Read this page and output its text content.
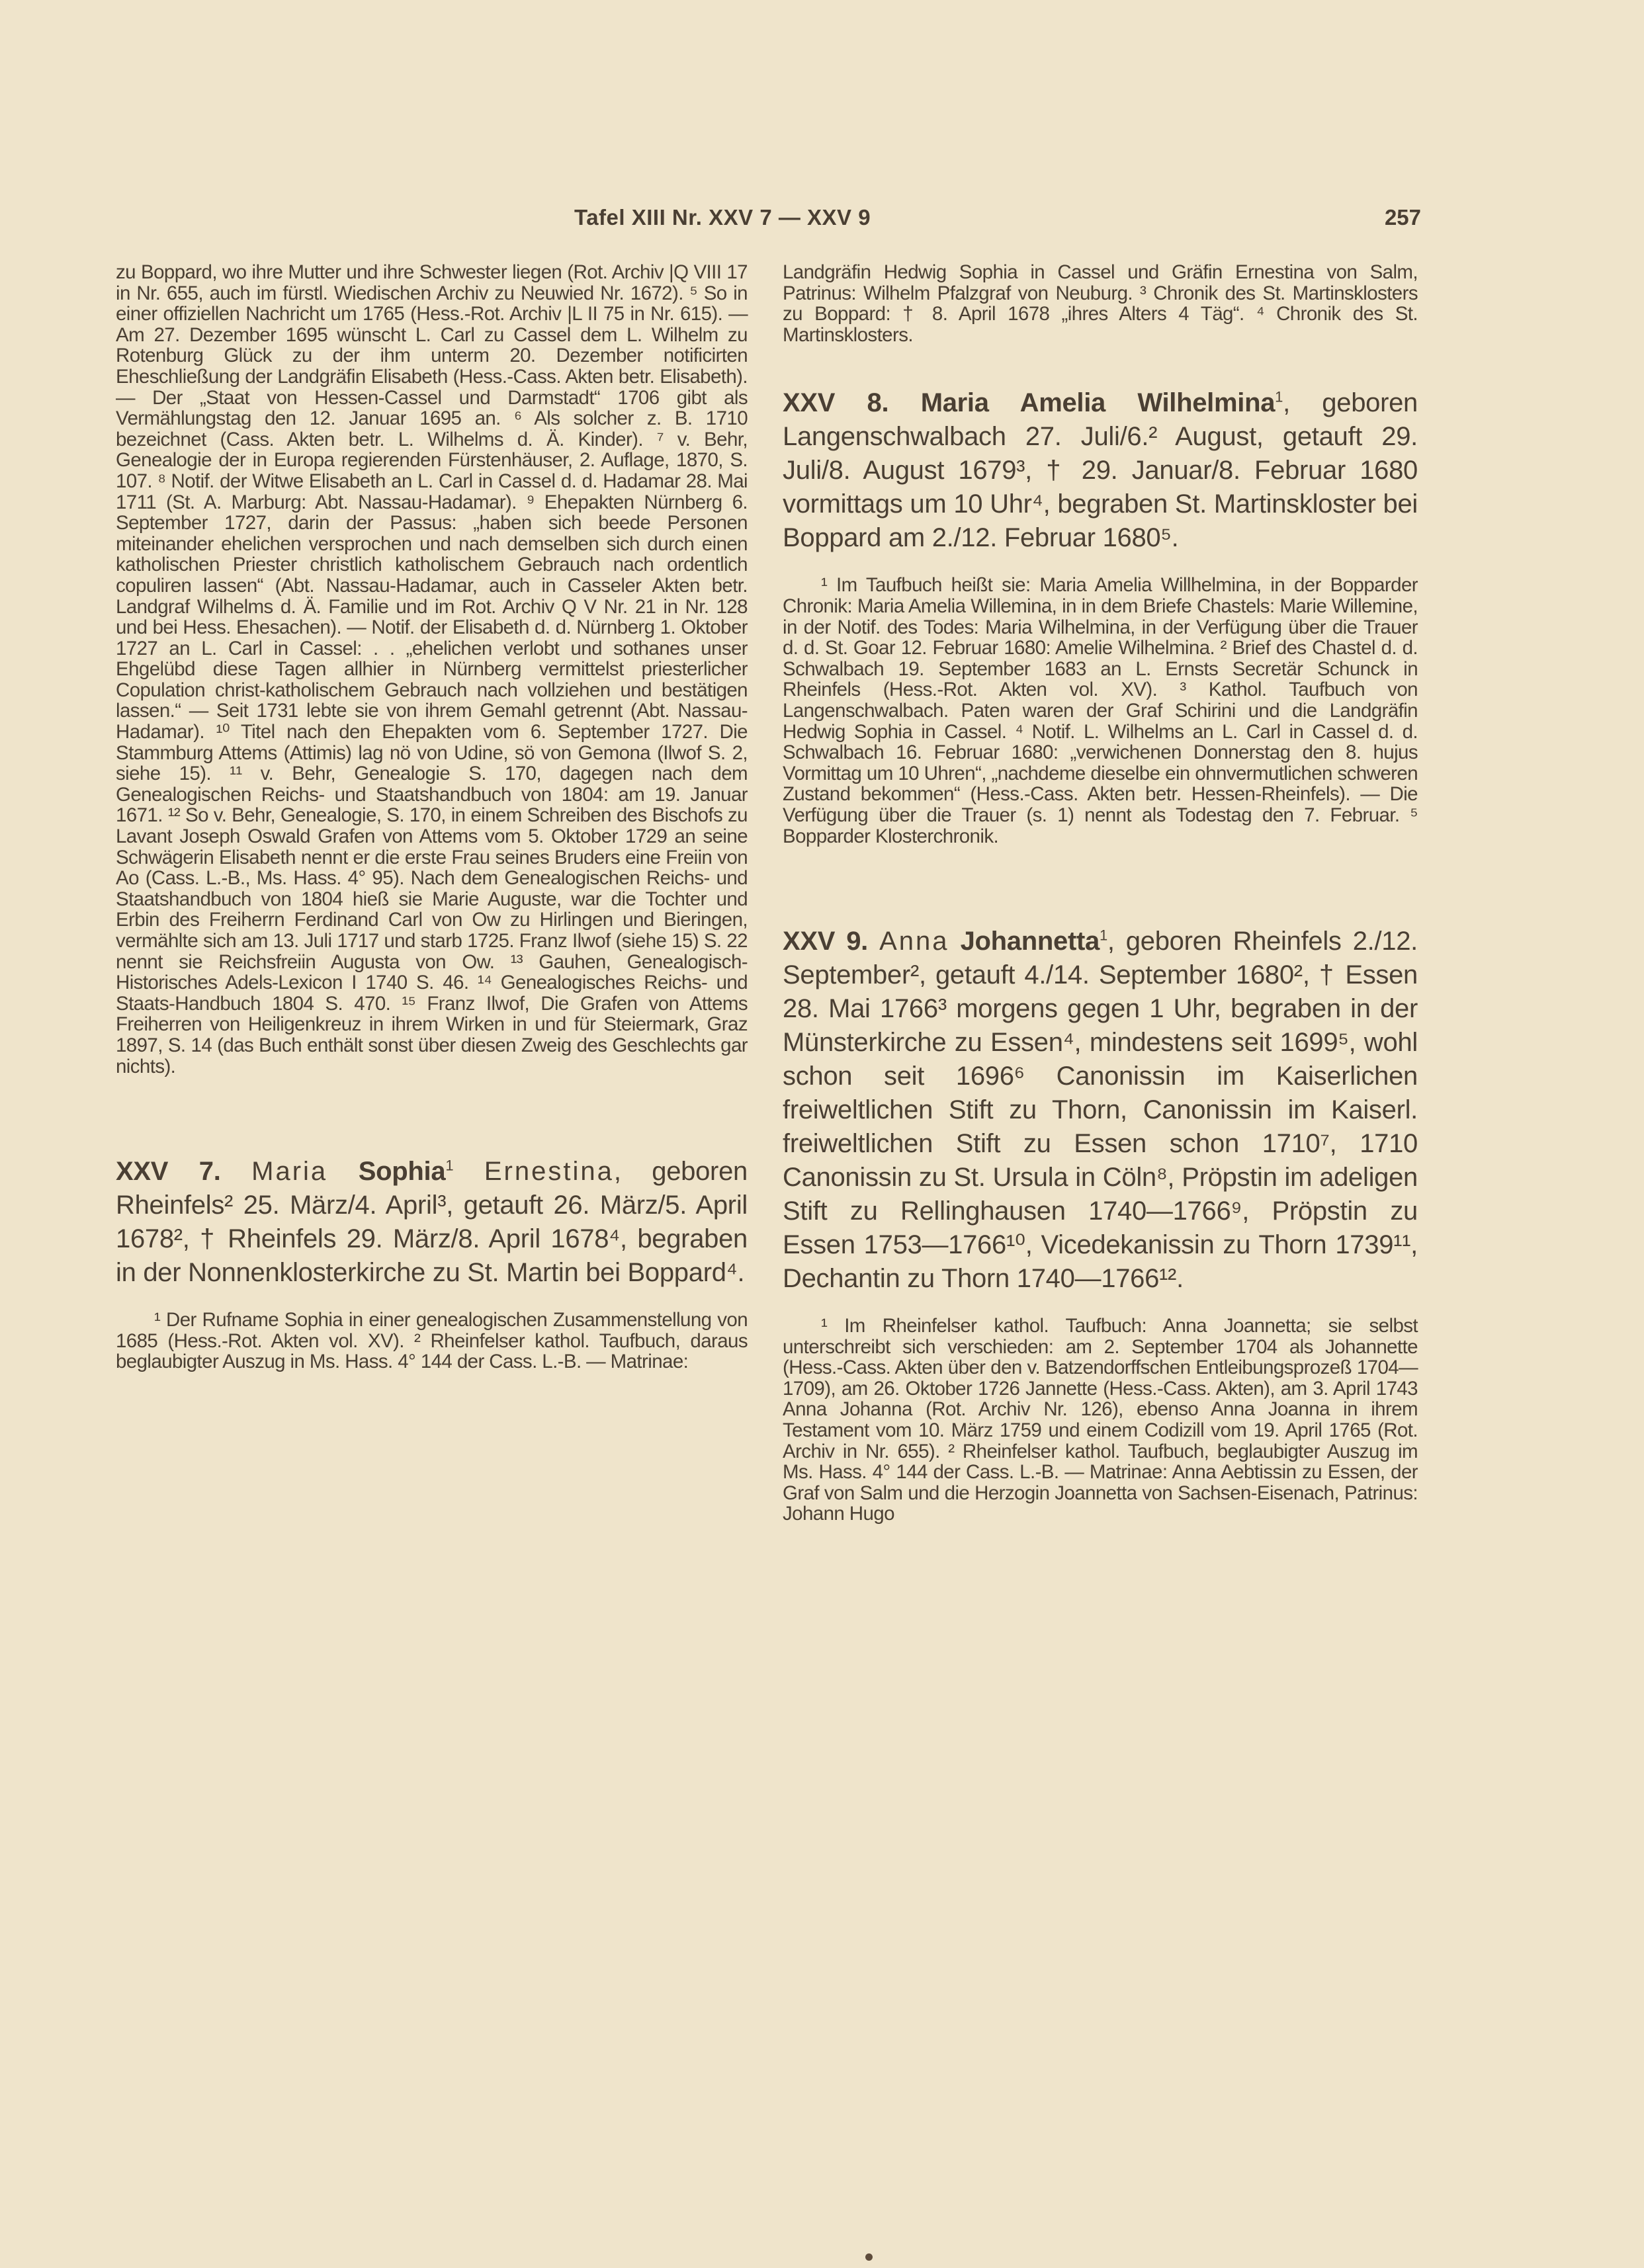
Tafel XIII Nr. XXV 7 — XXV 9	257

zu Boppard, wo ihre Mutter und ihre Schwester liegen (Rot. Archiv |Q VIII 17 in Nr. 655, auch im fürstl. Wiedischen Archiv zu Neuwied Nr. 1672). ⁵ So in einer offiziellen Nachricht um 1765 (Hess.-Rot. Archiv |L II 75 in Nr. 615). — Am 27. Dezember 1695 wünscht L. Carl zu Cassel dem L. Wilhelm zu Rotenburg Glück zu der ihm unterm 20. Dezember notificirten Eheschließung der Landgräfin Elisabeth (Hess.-Cass. Akten betr. Elisabeth). — Der „Staat von Hessen-Cassel und Darmstadt“ 1706 gibt als Vermählungstag den 12. Januar 1695 an. ⁶ Als solcher z. B. 1710 bezeichnet (Cass. Akten betr. L. Wilhelms d. Ä. Kinder). ⁷ v. Behr, Genealogie der in Europa regierenden Fürstenhäuser, 2. Auflage, 1870, S. 107. ⁸ Notif. der Witwe Elisabeth an L. Carl in Cassel d. d. Hadamar 28. Mai 1711 (St. A. Marburg: Abt. Nassau-Hadamar). ⁹ Ehepakten Nürnberg 6. September 1727, darin der Passus: „haben sich beede Personen miteinander ehelichen versprochen und nach demselben sich durch einen katholischen Priester christlich katholischem Gebrauch nach ordentlich copuliren lassen“ (Abt. Nassau-Hadamar, auch in Casseler Akten betr. Landgraf Wilhelms d. Ä. Familie und im Rot. Archiv Q V Nr. 21 in Nr. 128 und bei Hess. Ehesachen). — Notif. der Elisabeth d. d. Nürnberg 1. Oktober 1727 an L. Carl in Cassel: . . „ehelichen verlobt und sothanes unser Ehgelübd diese Tagen allhier in Nürnberg vermittelst priesterlicher Copulation christ-katholischem Gebrauch nach vollziehen und bestätigen lassen.“ — Seit 1731 lebte sie von ihrem Gemahl getrennt (Abt. Nassau-Hadamar). ¹⁰ Titel nach den Ehepakten vom 6. September 1727. Die Stammburg Attems (Attimis) lag nö von Udine, sö von Gemona (Ilwof S. 2, siehe 15). ¹¹ v. Behr, Genealogie S. 170, dagegen nach dem Genealogischen Reichs- und Staatshandbuch von 1804: am 19. Januar 1671. ¹² So v. Behr, Genealogie, S. 170, in einem Schreiben des Bischofs zu Lavant Joseph Oswald Grafen von Attems vom 5. Oktober 1729 an seine Schwägerin Elisabeth nennt er die erste Frau seines Bruders eine Freiin von Ao (Cass. L.-B., Ms. Hass. 4° 95). Nach dem Genealogischen Reichs- und Staatshandbuch von 1804 hieß sie Marie Auguste, war die Tochter und Erbin des Freiherrn Ferdinand Carl von Ow zu Hirlingen und Bieringen, vermählte sich am 13. Juli 1717 und starb 1725. Franz Ilwof (siehe 15) S. 22 nennt sie Reichsfreiin Augusta von Ow. ¹³ Gauhen, Genealogisch-Historisches Adels-Lexicon I 1740 S. 46. ¹⁴ Genealogisches Reichs- und Staats-Handbuch 1804 S. 470. ¹⁵ Franz Ilwof, Die Grafen von Attems Freiherren von Heiligenkreuz in ihrem Wirken in und für Steiermark, Graz 1897, S. 14 (das Buch enthält sonst über diesen Zweig des Geschlechts gar nichts).

XXV 7. Maria Sophia$^1$ Ernestina, geboren Rheinfels² 25. März/4. April³, getauft 26. März/5. April 1678², † Rheinfels 29. März/8. April 1678⁴, begraben in der Nonnenklosterkirche zu St. Martin bei Boppard⁴.

¹ Der Rufname Sophia in einer genealogischen Zusammenstellung von 1685 (Hess.-Rot. Akten vol. XV). ² Rheinfelser kathol. Taufbuch, daraus beglaubigter Auszug in Ms. Hass. 4° 144 der Cass. L.-B. — Matrinae:

Landgräfin Hedwig Sophia in Cassel und Gräfin Ernestina von Salm, Patrinus: Wilhelm Pfalzgraf von Neuburg. ³ Chronik des St. Martinsklosters zu Boppard: † 8. April 1678 „ihres Alters 4 Täg“. ⁴ Chronik des St. Martinsklosters.

XXV 8. Maria Amelia Wilhelmina$^1$, geboren Langenschwalbach 27. Juli/6.² August, getauft 29. Juli/8. August 1679³, † 29. Januar/8. Februar 1680 vormittags um 10 Uhr⁴, begraben St. Martinskloster bei Boppard am 2./12. Februar 1680⁵.

¹ Im Taufbuch heißt sie: Maria Amelia Willhelmina, in der Bopparder Chronik: Maria Amelia Willemina, in in dem Briefe Chastels: Marie Willemine, in der Notif. des Todes: Maria Wilhelmina, in der Verfügung über die Trauer d. d. St. Goar 12. Februar 1680: Amelie Wilhelmina. ² Brief des Chastel d. d. Schwalbach 19. September 1683 an L. Ernsts Secretär Schunck in Rheinfels (Hess.-Rot. Akten vol. XV). ³ Kathol. Taufbuch von Langenschwalbach. Paten waren der Graf Schirini und die Landgräfin Hedwig Sophia in Cassel. ⁴ Notif. L. Wilhelms an L. Carl in Cassel d. d. Schwalbach 16. Februar 1680: „verwichenen Donnerstag den 8. hujus Vormittag um 10 Uhren“, „nachdeme dieselbe ein ohnvermutlichen schweren Zustand bekommen“ (Hess.-Cass. Akten betr. Hessen-Rheinfels). — Die Verfügung über die Trauer (s. 1) nennt als Todestag den 7. Februar. ⁵ Bopparder Klosterchronik.

XXV 9. Anna Johannetta$^1$, geboren Rheinfels 2./12. September², getauft 4./14. September 1680², † Essen 28. Mai 1766³ morgens gegen 1 Uhr, begraben in der Münsterkirche zu Essen⁴, mindestens seit 1699⁵, wohl schon seit 1696⁶ Canonissin im Kaiserlichen freiweltlichen Stift zu Thorn, Canonissin im Kaiserl. freiweltlichen Stift zu Essen schon 1710⁷, 1710 Canonissin zu St. Ursula in Cöln⁸, Pröpstin im adeligen Stift zu Rellinghausen 1740—1766⁹, Pröpstin zu Essen 1753—1766¹⁰, Vicedekanissin zu Thorn 1739¹¹, Dechantin zu Thorn 1740—1766¹².

¹ Im Rheinfelser kathol. Taufbuch: Anna Joannetta; sie selbst unterschreibt sich verschieden: am 2. September 1704 als Johannette (Hess.-Cass. Akten über den v. Batzendorffschen Entleibungsprozeß 1704—1709), am 26. Oktober 1726 Jannette (Hess.-Cass. Akten), am 3. April 1743 Anna Johanna (Rot. Archiv Nr. 126), ebenso Anna Joanna in ihrem Testament vom 10. März 1759 und einem Codizill vom 19. April 1765 (Rot. Archiv in Nr. 655). ² Rheinfelser kathol. Taufbuch, beglaubigter Auszug im Ms. Hass. 4° 144 der Cass. L.-B. — Matrinae: Anna Aebtissin zu Essen, der Graf von Salm und die Herzogin Joannetta von Sachsen-Eisenach, Patrinus: Johann Hugo
